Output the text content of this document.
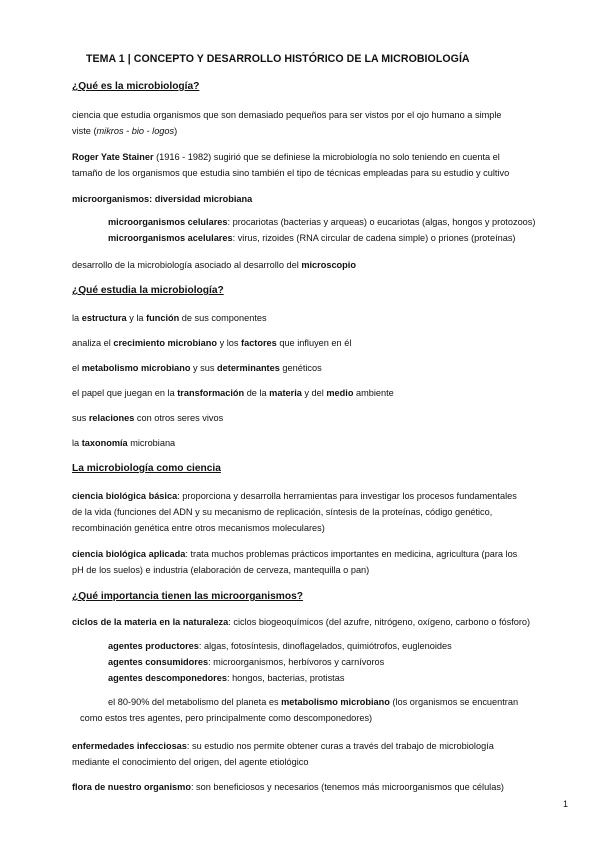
TEMA 1 | CONCEPTO Y DESARROLLO HISTÓRICO DE LA MICROBIOLOGÍA
¿Qué es la microbiología?
ciencia que estudia organismos que son demasiado pequeños para ser vistos por el ojo humano a simple
viste (mikros - bio - logos)
Roger Yate Stainer (1916 - 1982) sugirió que se definiese la microbiología no solo teniendo en cuenta el
tamaño de los organismos que estudia sino también el tipo de técnicas empleadas para su estudio y cultivo
microorganismos: diversidad microbiana
microorganismos celulares: procariotas (bacterias y arqueas) o eucariotas (algas, hongos y protozoos)
microorganismos acelulares: virus, rizoides (RNA circular de cadena simple) o priones (proteínas)
desarrollo de la microbiología asociado al desarrollo del microscopio
¿Qué estudia la microbiología?
la estructura y la función de sus componentes
analiza el crecimiento microbiano y los factores que influyen en él
el metabolismo microbiano y sus determinantes genéticos
el papel que juegan en la transformación de la materia y del medio ambiente
sus relaciones con otros seres vivos
la taxonomía microbiana
La microbiología como ciencia
ciencia biológica básica: proporciona y desarrolla herramientas para investigar los procesos fundamentales
de la vida (funciones del ADN y su mecanismo de replicación, síntesis de la proteínas, código genético,
recombinación genética entre otros mecanismos moleculares)
ciencia biológica aplicada: trata muchos problemas prácticos importantes en medicina, agricultura (para los
pH de los suelos) e industria (elaboración de cerveza, mantequilla o pan)
¿Qué importancia tienen las microorganismos?
ciclos de la materia en la naturaleza: ciclos biogeoquímicos (del azufre, nitrógeno, oxígeno, carbono o fósforo)
agentes productores: algas, fotosíntesis, dinoflagelados, quimiótrofos, euglenoides
agentes consumidores: microorganismos, herbívoros y carnívoros
agentes descomponedores: hongos, bacterias, protistas
el 80-90% del metabolismo del planeta es metabolismo microbiano (los organismos se encuentran
como estos tres agentes, pero principalmente como descomponedores)
enfermedades infecciosas: su estudio nos permite obtener curas a través del trabajo de microbiología
mediante el conocimiento del origen, del agente etiológico
flora de nuestro organismo: son beneficiosos y necesarios (tenemos más microorganismos que células)
1
